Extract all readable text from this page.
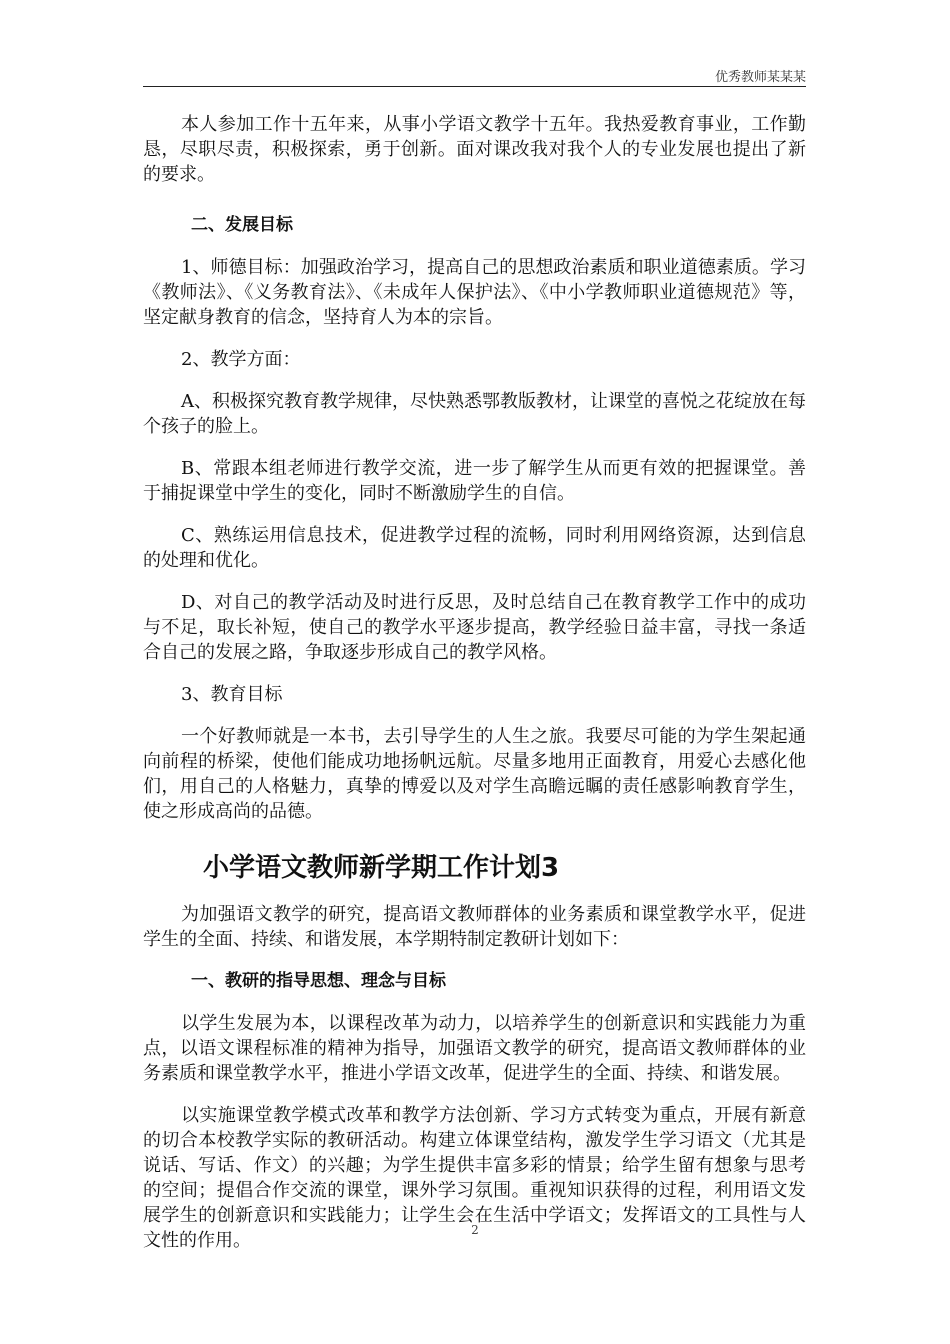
优秀教师某某某

本人参加工作十五年来，从事小学语文教学十五年。我热爱教育事业，工作勤恳，尽职尽责，积极探索，勇于创新。面对课改我对我个人的专业发展也提出了新的要求。

二、发展目标

1、师德目标：加强政治学习，提高自己的思想政治素质和职业道德素质。学习《教师法》、《义务教育法》、《未成年人保护法》、《中小学教师职业道德规范》等，坚定献身教育的信念，坚持育人为本的宗旨。

2、教学方面：

A、积极探究教育教学规律，尽快熟悉鄂教版教材，让课堂的喜悦之花绽放在每个孩子的脸上。

B、常跟本组老师进行教学交流，进一步了解学生从而更有效的把握课堂。善于捕捉课堂中学生的变化，同时不断激励学生的自信。

C、熟练运用信息技术，促进教学过程的流畅，同时利用网络资源，达到信息的处理和优化。

D、对自己的教学活动及时进行反思，及时总结自己在教育教学工作中的成功与不足，取长补短，使自己的教学水平逐步提高，教学经验日益丰富，寻找一条适合自己的发展之路，争取逐步形成自己的教学风格。

3、教育目标

一个好教师就是一本书，去引导学生的人生之旅。我要尽可能的为学生架起通向前程的桥梁，使他们能成功地扬帆远航。尽量多地用正面教育，用爱心去感化他们，用自己的人格魅力，真挚的博爱以及对学生高瞻远瞩的责任感影响教育学生，使之形成高尚的品德。

小学语文教师新学期工作计划3

为加强语文教学的研究，提高语文教师群体的业务素质和课堂教学水平，促进学生的全面、持续、和谐发展，本学期特制定教研计划如下：

一、教研的指导思想、理念与目标

以学生发展为本，以课程改革为动力，以培养学生的创新意识和实践能力为重点，以语文课程标准的精神为指导，加强语文教学的研究，提高语文教师群体的业务素质和课堂教学水平，推进小学语文改革，促进学生的全面、持续、和谐发展。

以实施课堂教学模式改革和教学方法创新、学习方式转变为重点，开展有新意的切合本校教学实际的教研活动。构建立体课堂结构，激发学生学习语文（尤其是说话、写话、作文）的兴趣；为学生提供丰富多彩的情景；给学生留有想象与思考的空间；提倡合作交流的课堂，课外学习氛围。重视知识获得的过程，利用语文发展学生的创新意识和实践能力；让学生会在生活中学语文；发挥语文的工具性与人文性的作用。	2
